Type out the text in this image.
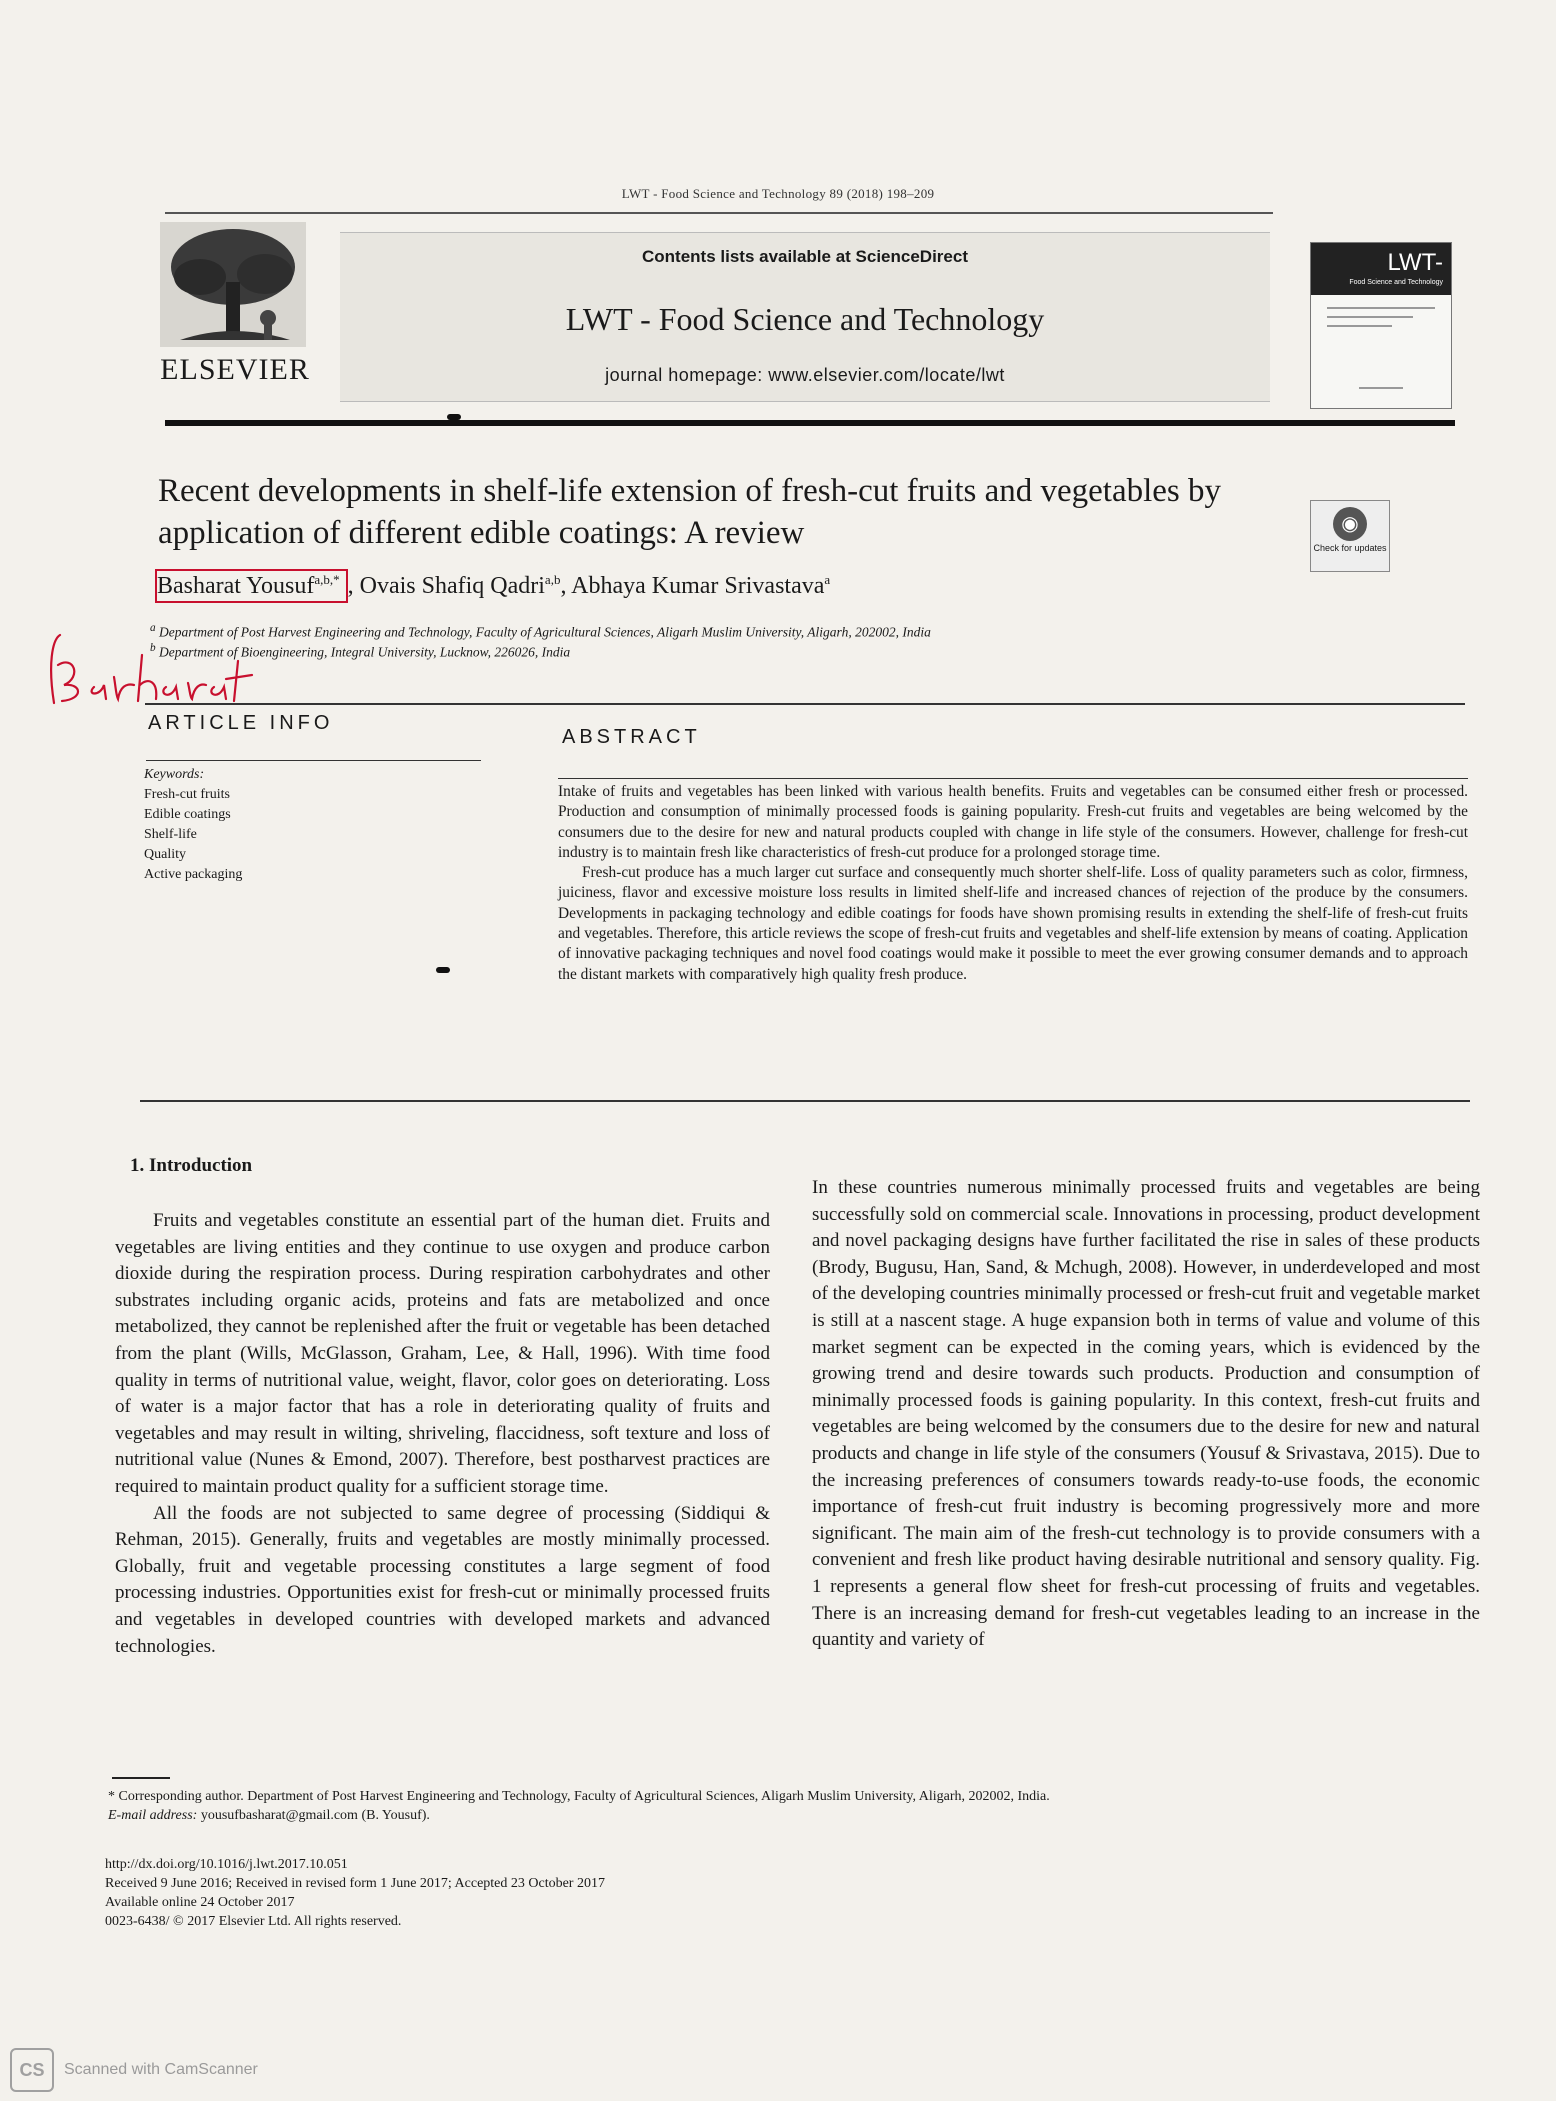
LWT - Food Science and Technology 89 (2018) 198–209
ELSEVIER
Contents lists available at ScienceDirect
LWT - Food Science and Technology
journal homepage: www.elsevier.com/locate/lwt
LWT-
Food Science and Technology
Recent developments in shelf-life extension of fresh-cut fruits and vegetables by application of different edible coatings: A review	◉
Check for updates
Basharat Yousuf$^{a,b,*}$ , Ovais Shafiq Qadri$^{a,b}$, Abhaya Kumar Srivastava$^a$
$^a$ Department of Post Harvest Engineering and Technology, Faculty of Agricultural Sciences, Aligarh Muslim University, Aligarh, 202002, India
$^b$ Department of Bioengineering, Integral University, Lucknow, 226026, India
ARTICLE INFO
Keywords:
Fresh-cut fruits
Edible coatings
Shelf-life
Quality
Active packaging
ABSTRACT

Intake of fruits and vegetables has been linked with various health benefits. Fruits and vegetables can be consumed either fresh or processed. Production and consumption of minimally processed foods is gaining popularity. Fresh-cut fruits and vegetables are being welcomed by the consumers due to the desire for new and natural products coupled with change in life style of the consumers. However, challenge for fresh-cut industry is to maintain fresh like characteristics of fresh-cut produce for a prolonged storage time.

Fresh-cut produce has a much larger cut surface and consequently much shorter shelf-life. Loss of quality parameters such as color, firmness, juiciness, flavor and excessive moisture loss results in limited shelf-life and increased chances of rejection of the produce by the consumers. Developments in packaging technology and edible coatings for foods have shown promising results in extending the shelf-life of fresh-cut fruits and vegetables. Therefore, this article reviews the scope of fresh-cut fruits and vegetables and shelf-life extension by means of coating. Application of innovative packaging techniques and novel food coatings would make it possible to meet the ever growing consumer demands and to approach the distant markets with comparatively high quality fresh produce.

1. Introduction

Fruits and vegetables constitute an essential part of the human diet. Fruits and vegetables are living entities and they continue to use oxygen and produce carbon dioxide during the respiration process. During respiration carbohydrates and other substrates including organic acids, proteins and fats are metabolized and once metabolized, they cannot be replenished after the fruit or vegetable has been detached from the plant (Wills, McGlasson, Graham, Lee, & Hall, 1996). With time food quality in terms of nutritional value, weight, flavor, color goes on deteriorating. Loss of water is a major factor that has a role in deteriorating quality of fruits and vegetables and may result in wilting, shriveling, flaccidness, soft texture and loss of nutritional value (Nunes & Emond, 2007). Therefore, best postharvest practices are required to maintain product quality for a sufficient storage time.

All the foods are not subjected to same degree of processing (Siddiqui & Rehman, 2015). Generally, fruits and vegetables are mostly minimally processed. Globally, fruit and vegetable processing constitutes a large segment of food processing industries. Opportunities exist for fresh-cut or minimally processed fruits and vegetables in developed countries with developed markets and advanced technologies.

In these countries numerous minimally processed fruits and vegetables are being successfully sold on commercial scale. Innovations in processing, product development and novel packaging designs have further facilitated the rise in sales of these products (Brody, Bugusu, Han, Sand, & Mchugh, 2008). However, in underdeveloped and most of the developing countries minimally processed or fresh-cut fruit and vegetable market is still at a nascent stage. A huge expansion both in terms of value and volume of this market segment can be expected in the coming years, which is evidenced by the growing trend and desire towards such products. Production and consumption of minimally processed foods is gaining popularity. In this context, fresh-cut fruits and vegetables are being welcomed by the consumers due to the desire for new and natural products and change in life style of the consumers (Yousuf & Srivastava, 2015). Due to the increasing preferences of consumers towards ready-to-use foods, the economic importance of fresh-cut fruit industry is becoming progressively more and more significant. The main aim of the fresh-cut technology is to provide consumers with a convenient and fresh like product having desirable nutritional and sensory quality. Fig. 1 represents a general flow sheet for fresh-cut processing of fruits and vegetables. There is an increasing demand for fresh-cut vegetables leading to an increase in the quantity and variety of

* Corresponding author. Department of Post Harvest Engineering and Technology, Faculty of Agricultural Sciences, Aligarh Muslim University, Aligarh, 202002, India.
E-mail address: yousufbasharat@gmail.com (B. Yousuf).
http://dx.doi.org/10.1016/j.lwt.2017.10.051
Received 9 June 2016; Received in revised form 1 June 2017; Accepted 23 October 2017
Available online 24 October 2017
0023-6438/ © 2017 Elsevier Ltd. All rights reserved.
CS	Scanned with CamScanner
